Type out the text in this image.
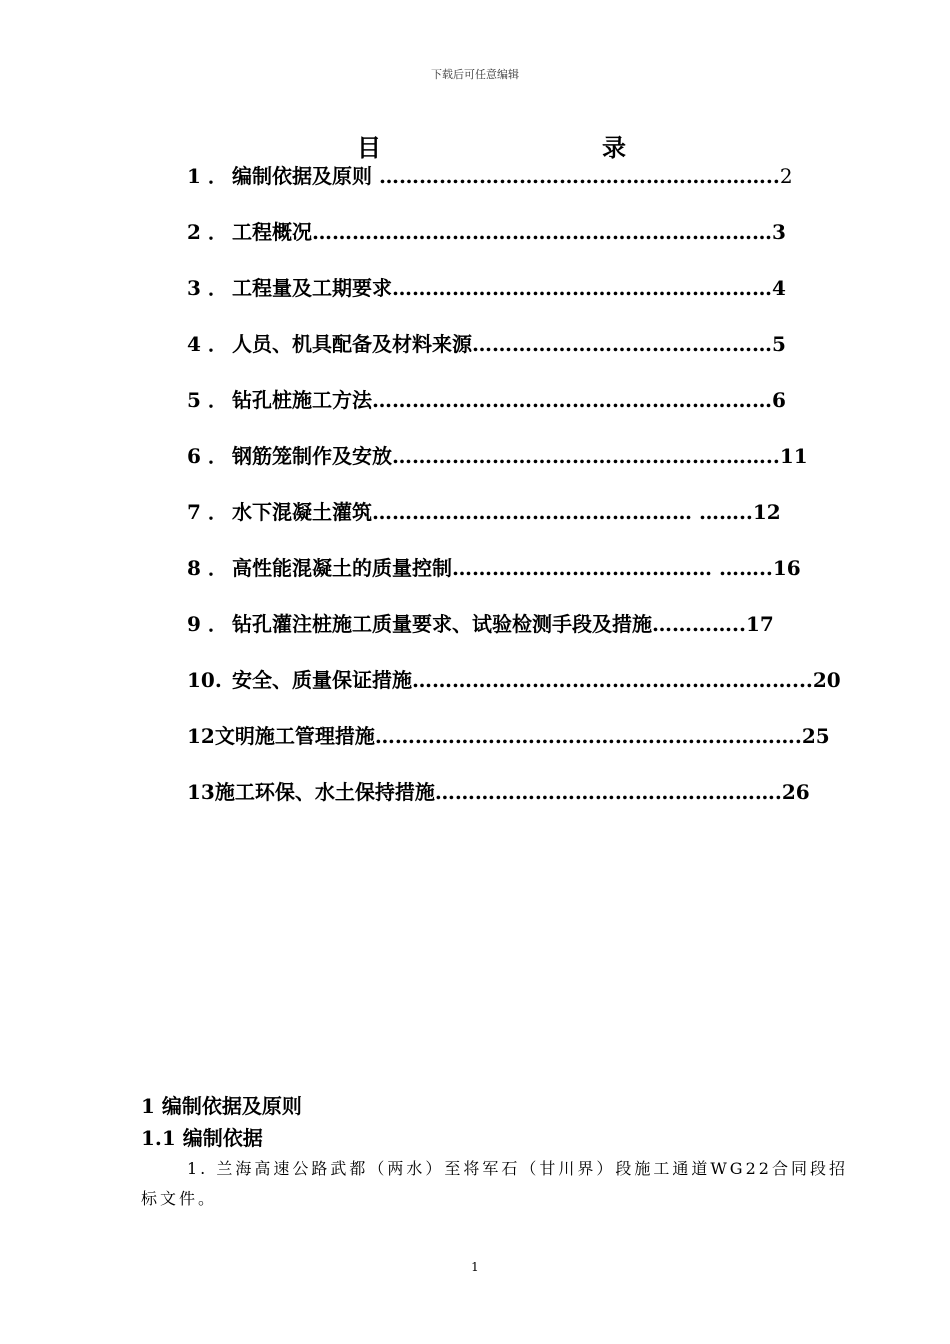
下载后可任意编辑
目	录
1 ． 编制依据及原则 ……………………………….…………………..2
2 ． 工程概况……………………………………………………………3
3 ． 工程量及工期要求…………………………………………………4
4 ． 人员、机具配备及材料来源………………………………………5
5 ． 钻孔桩施工方法……………………………………………………6
6 ． 钢筋笼制作及安放…………………………………………..……..11
7 ． 水下混凝土灌筑………………………………………… ……..12
8 ． 高性能混凝土的质量控制………………………………… ……..16
9 ． 钻孔灌注桩施工质量要求、试验检测手段及措施…………..17
10. 安全、质量保证措施…………………………………………………...20
12文明施工管理措施……………………………………………………….25
13施工环保、水土保持措施…………………………………………….26
1 编制依据及原则
1.1 编制依据
1. 兰海高速公路武都（两水）至将军石（甘川界）段施工通道WG22合同段招标文件。
1
